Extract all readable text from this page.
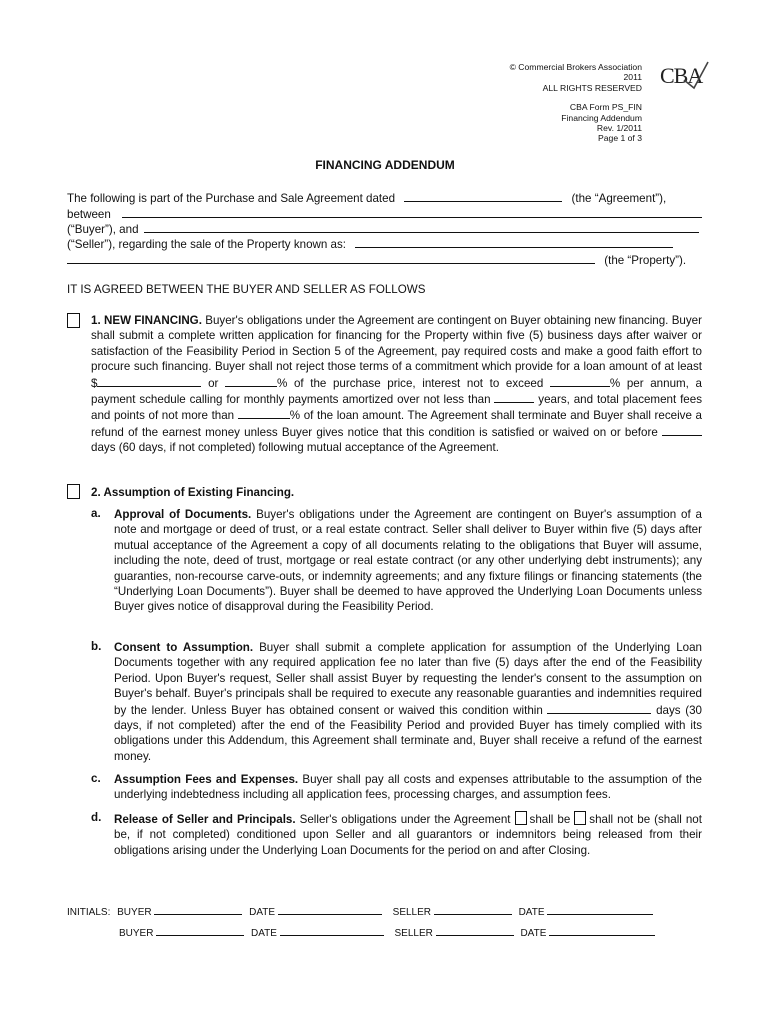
© Commercial Brokers Association
2011
ALL RIGHTS RESERVED
CBA Form PS_FIN
Financing Addendum
Rev. 1/2011
Page 1 of 3
CBA
FINANCING ADDENDUM
The following is part of the Purchase and Sale Agreement dated	(the “Agreement”),
between
(“Buyer”), and
(“Seller”), regarding the sale of the Property known as:
(the “Property”).
IT IS AGREED BETWEEN THE BUYER AND SELLER AS FOLLOWS
1. NEW FINANCING. Buyer's obligations under the Agreement are contingent on Buyer obtaining new financing. Buyer shall submit a complete written application for financing for the Property within five (5) business days after waiver or satisfaction of the Feasibility Period in Section 5 of the Agreement, pay required costs and make a good faith effort to procure such financing. Buyer shall not reject those terms of a commitment which provide for a loan amount of at least $	or	% of the purchase price, interest not to exceed	% per annum, a payment schedule calling for monthly payments amortized over not less than	years, and total placement fees and points of not more than	% of the loan amount. The Agreement shall terminate and Buyer shall receive a refund of the earnest money unless Buyer gives notice that this condition is satisfied or waived on or before  days (60 days, if not completed) following mutual acceptance of the Agreement.
2. Assumption of Existing Financing.
a. Approval of Documents. Buyer's obligations under the Agreement are contingent on Buyer's assumption of a note and mortgage or deed of trust, or a real estate contract. Seller shall deliver to Buyer within five (5) days after mutual acceptance of the Agreement a copy of all documents relating to the obligations that Buyer will assume, including the note, deed of trust, mortgage or real estate contract (or any other underlying debt instruments); any guaranties, non-recourse carve-outs, or indemnity agreements; and any fixture filings or financing statements (the “Underlying Loan Documents”). Buyer shall be deemed to have approved the Underlying Loan Documents unless Buyer gives notice of disapproval during the Feasibility Period.
b. Consent to Assumption. Buyer shall submit a complete application for assumption of the Underlying Loan Documents together with any required application fee no later than five (5) days after the end of the Feasibility Period. Upon Buyer's request, Seller shall assist Buyer by requesting the lender's consent to the assumption on Buyer's behalf. Buyer's principals shall be required to execute any reasonable guaranties and indemnities required by the lender. Unless Buyer has obtained consent or waived this condition within	days (30 days, if not completed) after the end of the Feasibility Period and provided Buyer has timely complied with its obligations under this Addendum, this Agreement shall terminate and, Buyer shall receive a refund of the earnest money.
c. Assumption Fees and Expenses. Buyer shall pay all costs and expenses attributable to the assumption of the underlying indebtedness including all application fees, processing charges, and assumption fees.
d. Release of Seller and Principals. Seller's obligations under the Agreement shall be shall not be (shall not be, if not completed) conditioned upon Seller and all guarantors or indemnitors being released from their obligations arising under the Underlying Loan Documents for the period on and after Closing.
INITIALS: BUYER	DATE	SELLER	DATE
BUYER	DATE	SELLER	DATE
